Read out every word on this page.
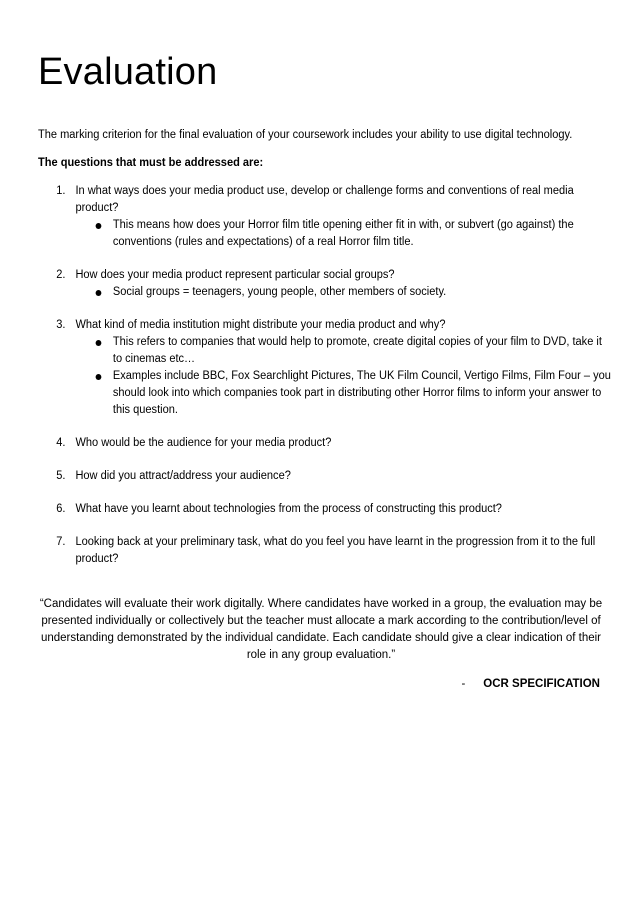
Evaluation

The marking criterion for the final evaluation of your coursework includes your ability to use digital technology.

The questions that must be addressed are:

1. In what ways does your media product use, develop or challenge forms and conventions of real media product?
This means how does your Horror film title opening either fit in with, or subvert (go against) the conventions (rules and expectations) of a real Horror film title.
2. How does your media product represent particular social groups?
Social groups = teenagers, young people, other members of society.
3. What kind of media institution might distribute your media product and why?
This refers to companies that would help to promote, create digital copies of your film to DVD, take it to cinemas etc…
Examples include BBC, Fox Searchlight Pictures, The UK Film Council, Vertigo Films, Film Four – you should look into which companies took part in distributing other Horror films to inform your answer to this question.
4. Who would be the audience for your media product?
5. How did you attract/address your audience?
6. What have you learnt about technologies from the process of constructing this product?
7. Looking back at your preliminary task, what do you feel you have learnt in the progression from it to the full product?

“Candidates will evaluate their work digitally. Where candidates have worked in a group, the evaluation may be presented individually or collectively but the teacher must allocate a mark according to the contribution/level of understanding demonstrated by the individual candidate. Each candidate should give a clear indication of their role in any group evaluation.”

- OCR SPECIFICATION
